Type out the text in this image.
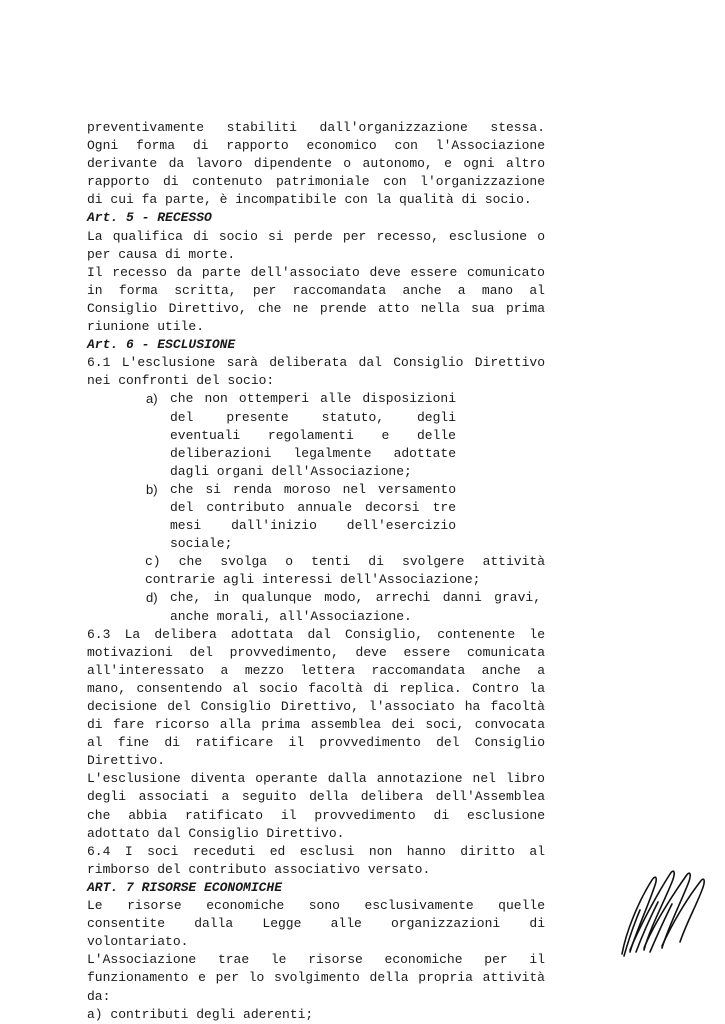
preventivamente stabiliti dall'organizzazione stessa.
Ogni forma di rapporto economico con l'Associazione
derivante da lavoro dipendente o autonomo, e ogni altro
rapporto di contenuto patrimoniale con l'organizzazione
di cui fa parte, è incompatibile con la qualità di socio.
Art. 5 - RECESSO
La qualifica di socio si perde per recesso, esclusione o
per causa di morte.
Il recesso da parte dell'associato deve essere comunicato
in forma scritta, per raccomandata anche a mano al
Consiglio Direttivo, che ne prende atto nella sua prima
riunione utile.
Art. 6 - ESCLUSIONE
6.1 L'esclusione sarà deliberata dal Consiglio Direttivo
nei confronti del socio:
a) che non ottemperi alle disposizioni
del presente statuto, degli
eventuali regolamenti e delle
deliberazioni legalmente adottate
dagli organi dell'Associazione;
b) che si renda moroso nel versamento
del contributo annuale decorsi tre
mesi dall'inizio dell'esercizio
sociale;
c) che svolga o tenti di svolgere attività
contrarie agli interessi dell'Associazione;
d) che, in qualunque modo, arrechi danni gravi,
anche morali, all'Associazione.
6.3 La delibera adottata dal Consiglio, contenente le
motivazioni del provvedimento, deve essere comunicata
all'interessato a mezzo lettera raccomandata anche a
mano, consentendo al socio facoltà di replica. Contro la
decisione del Consiglio Direttivo, l'associato ha facoltà
di fare ricorso alla prima assemblea dei soci, convocata
al fine di ratificare il provvedimento del Consiglio
Direttivo.
L'esclusione diventa operante dalla annotazione nel libro
degli associati a seguito della delibera dell'Assemblea
che abbia ratificato il provvedimento di esclusione
adottato dal Consiglio Direttivo.
6.4 I soci receduti ed esclusi non hanno diritto al
rimborso del contributo associativo versato.
ART. 7 RISORSE ECONOMICHE
Le risorse economiche sono esclusivamente quelle
consentite dalla Legge alle organizzazioni di
volontariato.
L'Associazione trae le risorse economiche per il
funzionamento e per lo svolgimento della propria attività
da:
a) contributi degli aderenti;
